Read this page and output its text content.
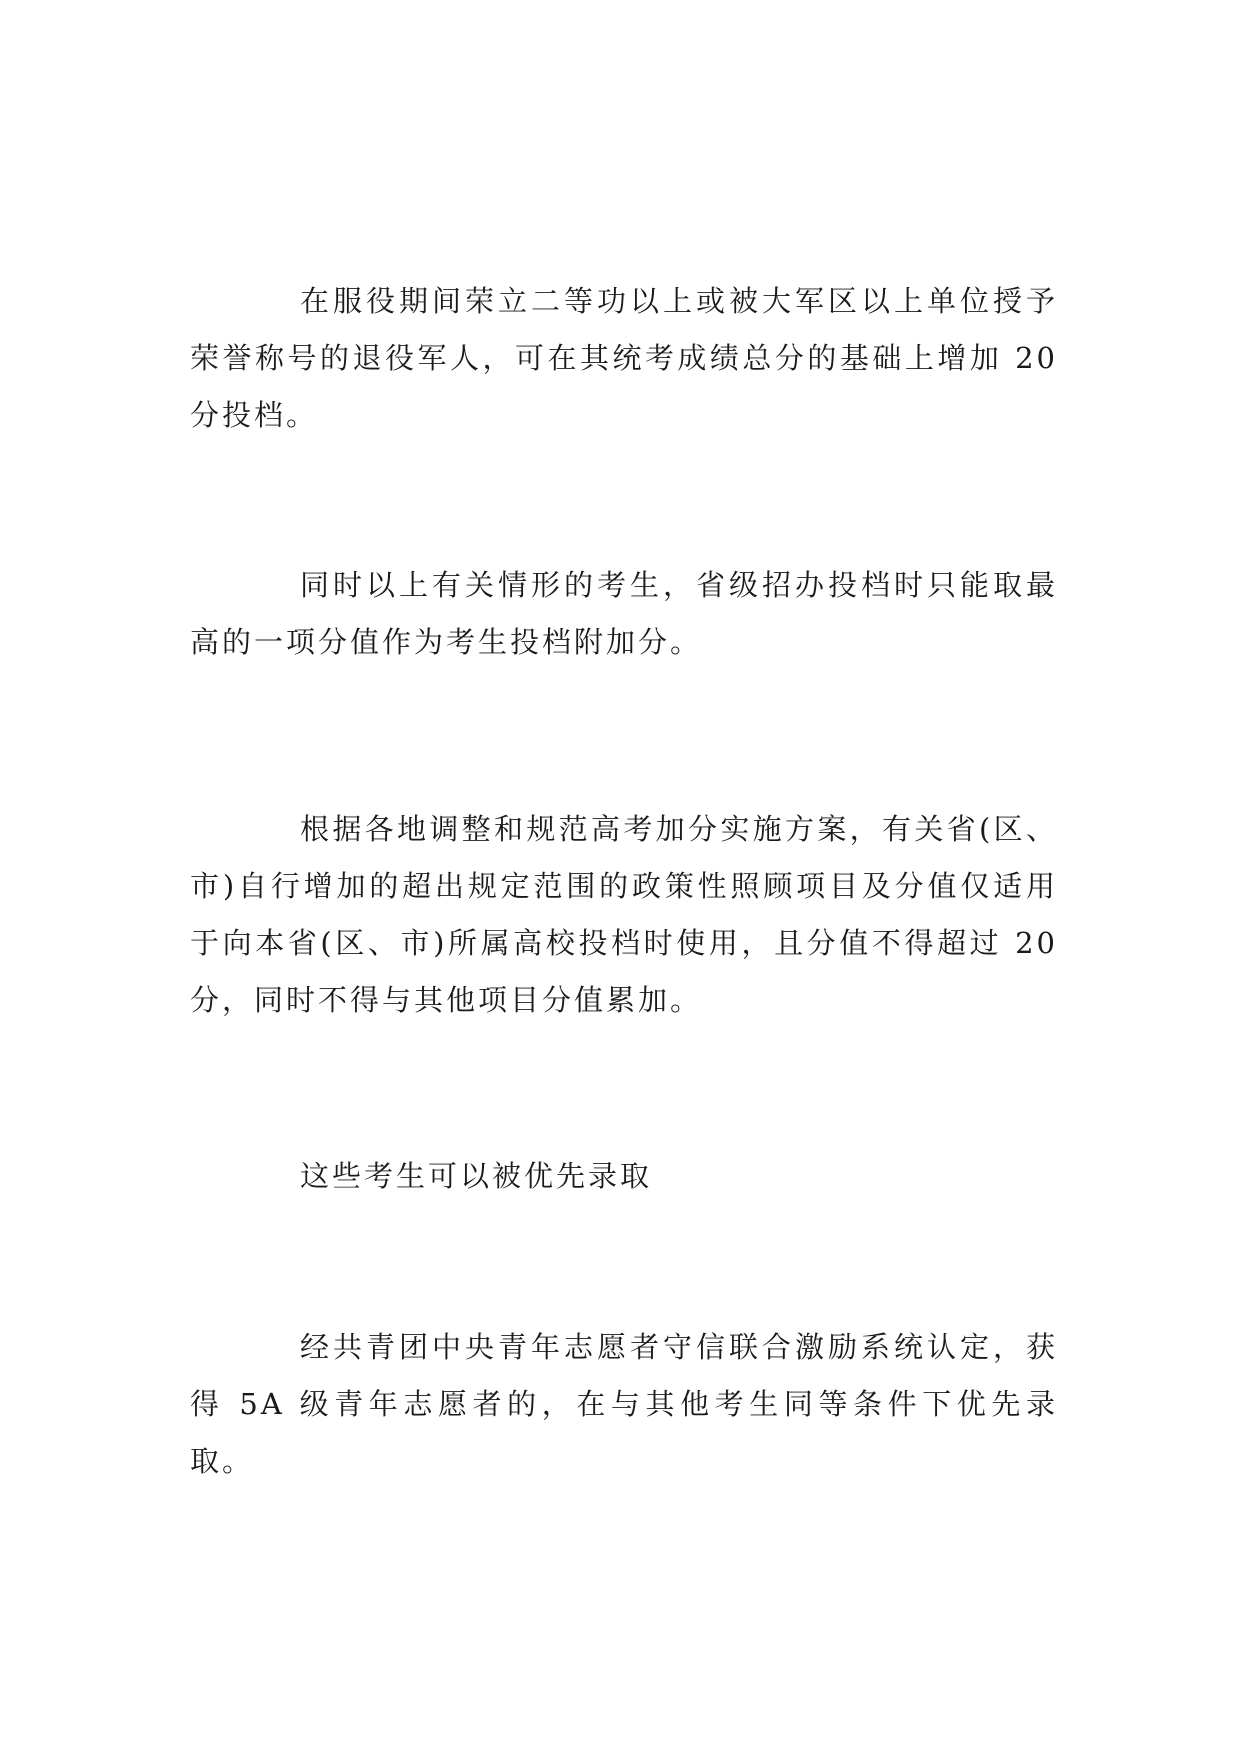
在服役期间荣立二等功以上或被大军区以上单位授予荣誉称号的退役军人，可在其统考成绩总分的基础上增加 20 分投档。

同时以上有关情形的考生，省级招办投档时只能取最高的一项分值作为考生投档附加分。

根据各地调整和规范高考加分实施方案，有关省(区、市)自行增加的超出规定范围的政策性照顾项目及分值仅适用于向本省(区、市)所属高校投档时使用，且分值不得超过 20 分，同时不得与其他项目分值累加。

这些考生可以被优先录取

经共青团中央青年志愿者守信联合激励系统认定，获得 5A 级青年志愿者的，在与其他考生同等条件下优先录取。
